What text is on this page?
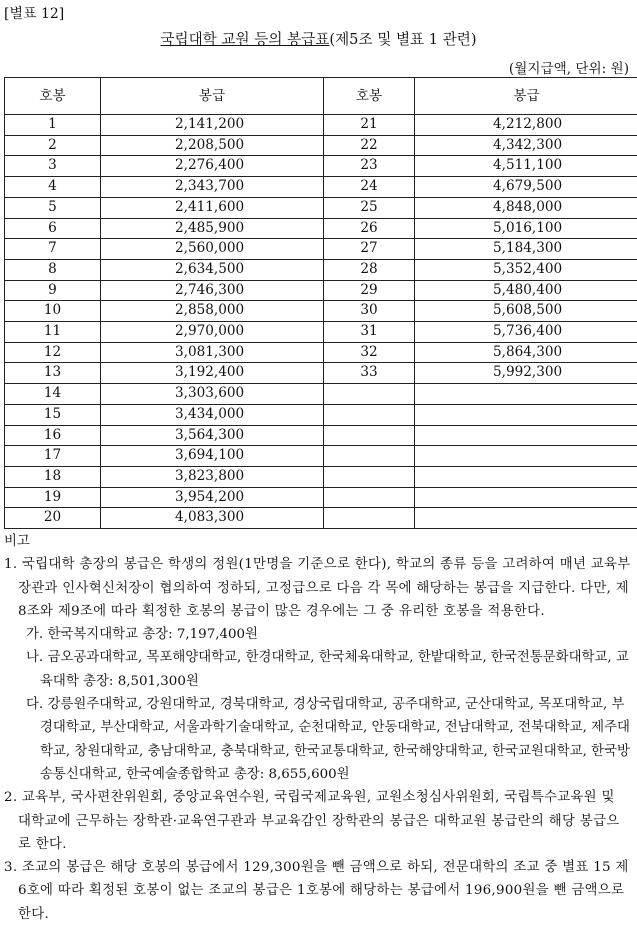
[별표 12]
국립대학 교원 등의 봉급표(제5조 및 별표 1 관련)
(월지급액, 단위: 원)
호봉	봉급	호봉	봉급
1	2,141,200	21	4,212,800
2	2,208,500	22	4,342,300
3	2,276,400	23	4,511,100
4	2,343,700	24	4,679,500
5	2,411,600	25	4,848,000
6	2,485,900	26	5,016,100
7	2,560,000	27	5,184,300
8	2,634,500	28	5,352,400
9	2,746,300	29	5,480,400
10	2,858,000	30	5,608,500
11	2,970,000	31	5,736,400
12	3,081,300	32	5,864,300
13	3,192,400	33	5,992,300
14	3,303,600		
15	3,434,000		
16	3,564,300		
17	3,694,100		
18	3,823,800		
19	3,954,200		
20	4,083,300		

비고

1. 국립대학 총장의 봉급은 학생의 정원(1만명을 기준으로 한다), 학교의 종류 등을 고려하여 매년 교육부장관과 인사혁신처장이 협의하여 정하되, 고정급으로 다음 각 목에 해당하는 봉급을 지급한다. 다만, 제8조와 제9조에 따라 획정한 호봉의 봉급이 많은 경우에는 그 중 유리한 호봉을 적용한다.

가. 한국복지대학교 총장: 7,197,400원

나. 금오공과대학교, 목포해양대학교, 한경대학교, 한국체육대학교, 한밭대학교, 한국전통문화대학교, 교육대학 총장: 8,501,300원

다. 강릉원주대학교, 강원대학교, 경북대학교, 경상국립대학교, 공주대학교, 군산대학교, 목포대학교, 부경대학교, 부산대학교, 서울과학기술대학교, 순천대학교, 안동대학교, 전남대학교, 전북대학교, 제주대학교, 창원대학교, 충남대학교, 충북대학교, 한국교통대학교, 한국해양대학교, 한국교원대학교, 한국방송통신대학교, 한국예술종합학교 총장: 8,655,600원

2. 교육부, 국사편찬위원회, 중앙교육연수원, 국립국제교육원, 교원소청심사위원회, 국립특수교육원 및 대학교에 근무하는 장학관·교육연구관과 부교육감인 장학관의 봉급은 대학교원 봉급란의 해당 봉급으로 한다.

3. 조교의 봉급은 해당 호봉의 봉급에서 129,300원을 뺀 금액으로 하되, 전문대학의 조교 중 별표 15 제6호에 따라 획정된 호봉이 없는 조교의 봉급은 1호봉에 해당하는 봉급에서 196,900원을 뺀 금액으로 한다.
